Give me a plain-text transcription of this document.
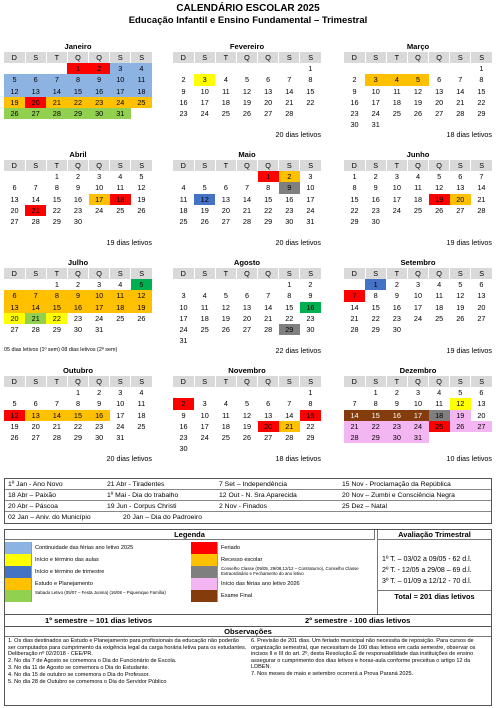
CALENDÁRIO ESCOLAR 2025
Educação Infantil e Ensino Fundamental – Trimestral
Janeiro
D	S	T	Q	Q	S	S
			1	2	3	4
5	6	7	8	9	10	11
12	13	14	15	16	17	18
19	20	21	22	23	24	25
26	27	28	29	30	31	

Fevereiro
D	S	T	Q	Q	S	S
						1
2	3	4	5	6	7	8
9	10	11	12	13	14	15
16	17	18	19	20	21	22
23	24	25	26	27	28	

20 dias letivos
Março
D	S	T	Q	Q	S	S
						1
2	3	4	5	6	7	8
9	10	11	12	13	14	15
16	17	18	19	20	21	22
23	24	25	26	27	28	29
30	31					
18 dias letivos
Abril
D	S	T	Q	Q	S	S
		1	2	3	4	5
6	7	8	9	10	11	12
13	14	15	16	17	18	19
20	21	22	23	24	25	26
27	28	29	30			

19 dias letivos
Maio
D	S	T	Q	Q	S	S
				1	2	3
4	5	6	7	8	9	10
11	12	13	14	15	16	17
18	19	20	21	22	23	24
25	26	27	28	29	30	31

20 dias letivos
Junho
D	S	T	Q	Q	S	S
1	2	3	4	5	6	7
8	9	10	11	12	13	14
15	16	17	18	19	20	21
22	23	24	25	26	27	28
29	30					

19 dias letivos
Julho
D	S	T	Q	Q	S	S
		1	2	3	4	5
6	7	8	9	10	11	12
13	14	15	16	17	18	19
20	21	22	23	24	25	26
27	28	29	30	31		

05 dias letivos (1º sem) 08 dias letivos (2º sem)
Agosto
D	S	T	Q	Q	S	S
					1	2
3	4	5	6	7	8	9
10	11	12	13	14	15	16
17	18	19	20	21	22	23
24	25	26	27	28	29	30
31						
22 dias letivos
Setembro
D	S	T	Q	Q	S	S
	1	2	3	4	5	6
7	8	9	10	11	12	13
14	15	16	17	18	19	20
21	22	23	24	25	26	27
28	29	30				

19 dias letivos
Outubro
D	S	T	Q	Q	S	S
			1	2	3	4
5	6	7	8	9	10	11
12	13	14	15	16	17	18
19	20	21	22	23	24	25
26	27	28	29	30	31	

20 dias letivos
Novembro
D	S	T	Q	Q	S	S
						1
2	3	4	5	6	7	8
9	10	11	12	13	14	15
16	17	18	19	20	21	22
23	24	25	26	27	28	29
30						
18 dias letivos
Dezembro
D	S	T	Q	Q	S	S
	1	2	3	4	5	6
7	8	9	10	11	12	13
14	15	16	17	18	19	20
21	22	23	24	25	26	27
28	29	30	31			

10 dias letivos
1º Jan - Ano Novo	21 Abr - Tiradentes	7 Set – Independência	15 Nov - Proclamação da República
18 Abr – Paixão	1º Mai - Dia do trabalho	12 Out - N. Sra Aparecida	20 Nov – Zumbi e Consciência Negra
20 Abr – Páscoa	19 Jun - Corpus Christi	2 Nov - Finados	25 Dez – Natal
02 Jan – Aniv. do Município	20 Jan – Dia do Padroeiro
Legenda
Continuidade das férias ano letivo 2025
Início e término das aulas
Início e término de trimestre
Estudo e Planejamento
Sabado Letivo (05/07 – Festa Junina) (16/08 – Piquenique Família)
Feriado
Recesso escolar
Conselho Classe (09/05, 29/08,12/12 – Contraturno), Conselho Classe Extraordinário e Fechamento do ano letivo
Início das férias ano letivo 2026
Exame Final
Avaliação Trimestral
1º T. – 03/02 a 09/05 - 62 d.l.
2º T. - 12/05 a 29/08 – 69 d.l.
3º T. – 01/09 a 12/12 - 70 d.l.
Total = 201 dias letivos
1º semestre – 101 dias letivos	2º semestre - 100 dias letivos
Observações

1. Os dias destinados ao Estudo e Planejamento para profissionais da educação não poderão ser computados para cumprimento da exigência legal da carga horária letiva para os estudantes. Deliberação nº 02/2018 - CEE/PR.

2. No dia 7 de Agosto se comemora o Dia do Funcionário de Escola.

3. No dia 11 de Agosto se comemora o Dia do Estudante.

4. No dia 15 de outubro se comemora o Dia do Professor.

5. No dia 28 de Outubro se comemora o Dia do Servidor Público

6. Previsão de 201 dias. Um feriado municipal não necessita de reposição. Para cursos de organização semestral, que necessitam de 100 dias letivos em cada semestre, observar os incisos II e III do art. 2º, desta Resolução.É de responsabilidade das instituições de ensino assegurar o cumprimento dos dias letivos e horas-aula conforme preceitua o artigo 12 da LDBEN.

7. Nos meses de maio e setembro ocorrerá a Prova Paraná 2025.
